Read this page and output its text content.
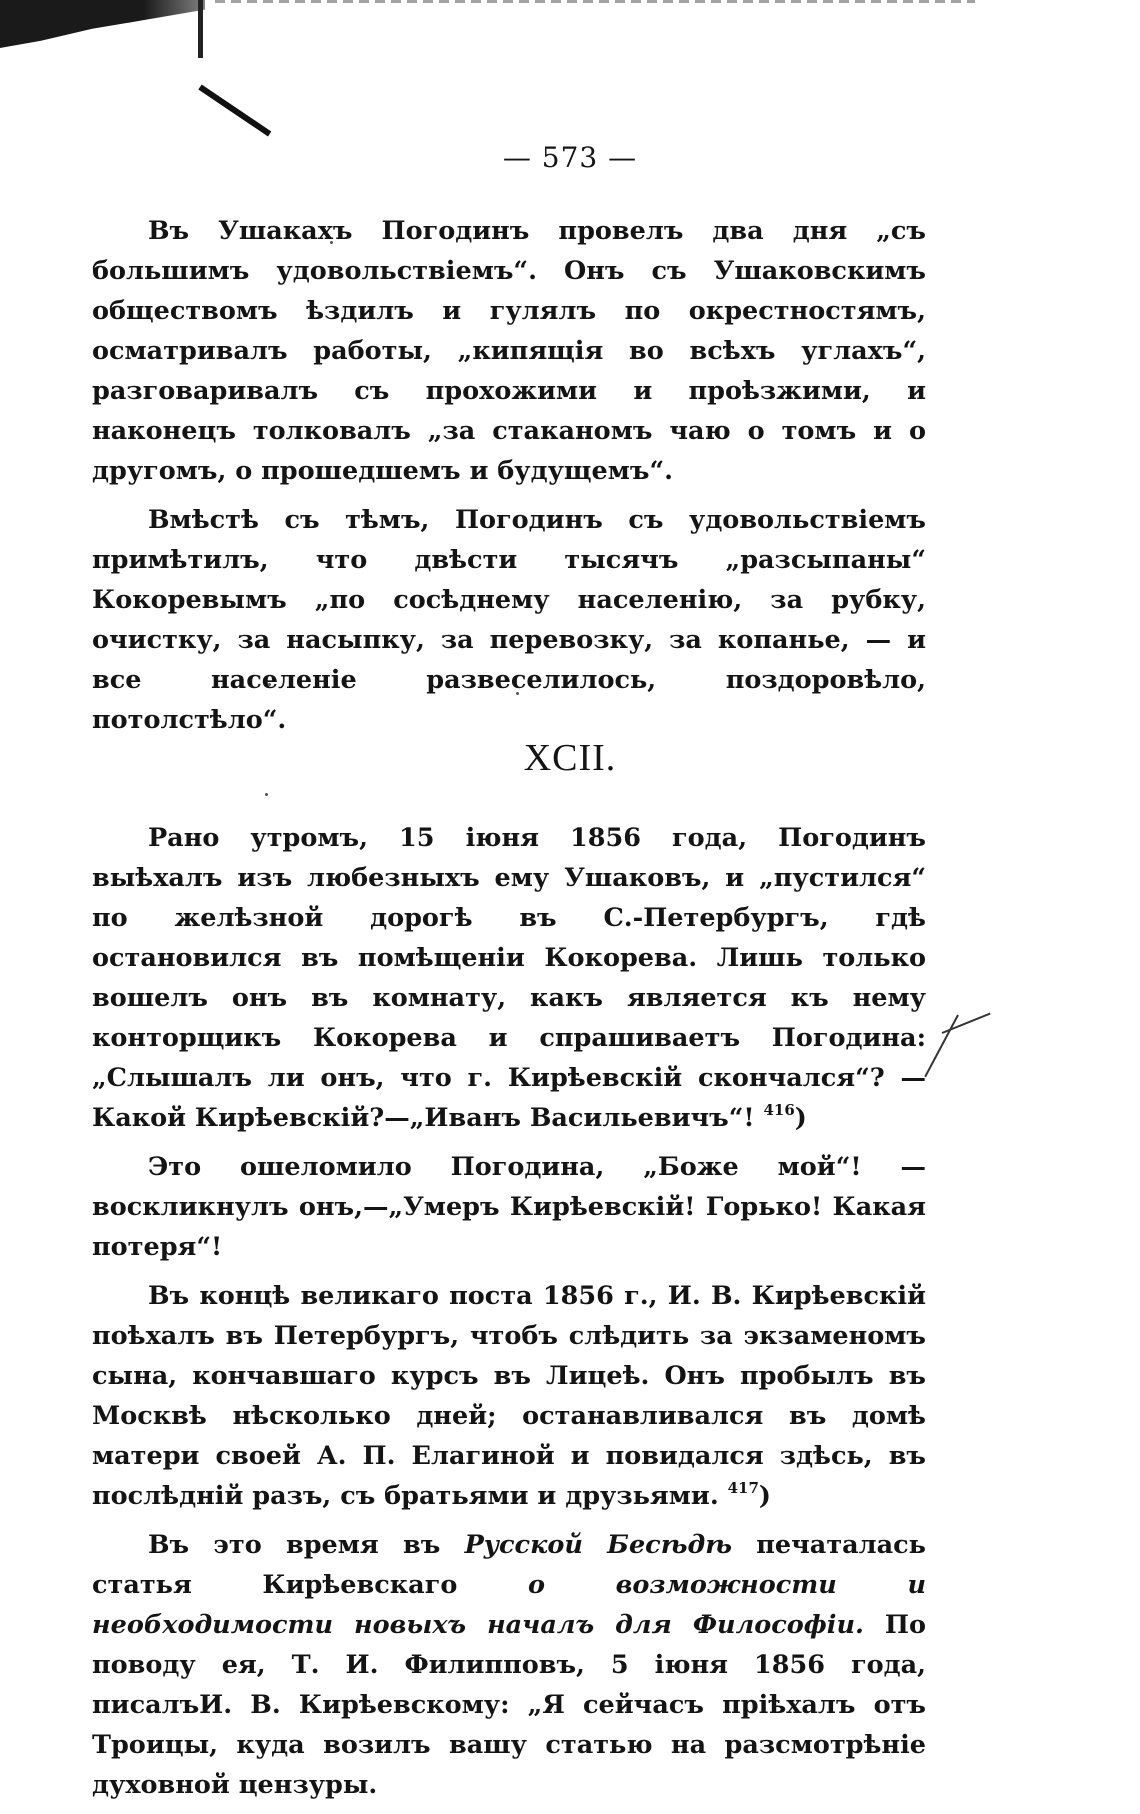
— 573 —

Въ Ушакахъ Погодинъ провелъ два дня „съ большимъ удовольствіемъ“. Онъ съ Ушаковскимъ обществомъ ѣздилъ и гулялъ по окрестностямъ, осматривалъ работы, „кипящія во всѣхъ углахъ“, разговаривалъ съ прохожими и проѣзжими, и наконецъ толковалъ „за стаканомъ чаю о томъ и о другомъ, о прошедшемъ и будущемъ“.

Вмѣстѣ съ тѣмъ, Погодинъ съ удовольствіемъ примѣтилъ, что двѣсти тысячъ „разсыпаны“ Кокоревымъ „по сосѣднему населенію, за рубку, очистку, за насыпку, за перевозку, за копанье, — и все населеніе развеселилось, поздоровѣло, потолстѣло“.

XCII.

Рано утромъ, 15 іюня 1856 года, Погодинъ выѣхалъ изъ любезныхъ ему Ушаковъ, и „пустился“ по желѣзной дорогѣ въ С.-Петербургъ, гдѣ остановился въ помѣщеніи Кокорева. Лишь только вошелъ онъ въ комнату, какъ является къ нему конторщикъ Кокорева и спрашиваетъ Погодина: „Слышалъ ли онъ, что г. Кирѣевскій скончался“? —Какой Кирѣевскій?—„Иванъ Васильевичъ“! $^{416}$)

Это ошеломило Погодина, „Боже мой“! — воскликнулъ онъ,—„Умеръ Кирѣевскій! Горько! Какая потеря“!

Въ концѣ великаго поста 1856 г., И. В. Кирѣевскій поѣхалъ въ Петербургъ, чтобъ слѣдить за экзаменомъ сына, кончавшаго курсъ въ Лицеѣ. Онъ пробылъ въ Москвѣ нѣсколько дней; останавливался въ домѣ матери своей А. П. Елагиной и повидался здѣсь, въ послѣдній разъ, съ братьями и друзьями. $^{417}$)

Въ это время въ Русской Бесѣдѣ печаталась статья Кирѣевскаго о возможности и необходимости новыхъ началъ для Философіи. По поводу ея, Т. И. Филипповъ, 5 іюня 1856 года, писалъИ. В. Кирѣевскому: „Я сейчасъ пріѣхалъ отъ Троицы, куда возилъ вашу статью на разсмотрѣніе духовной цензуры.
